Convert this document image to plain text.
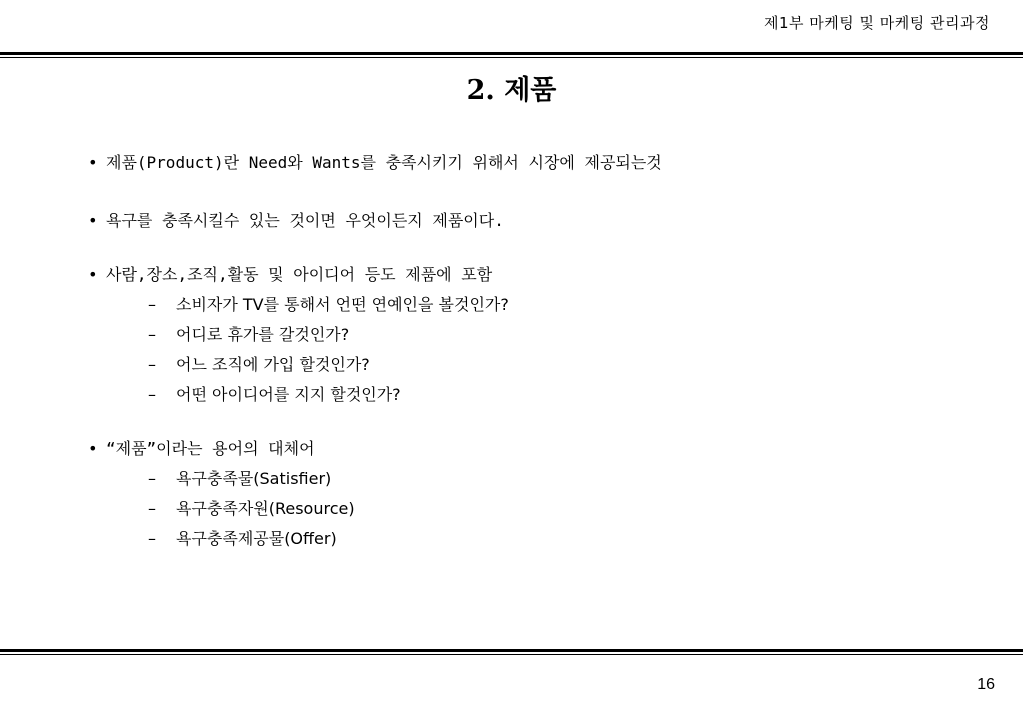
제1부 마케팅 및 마케팅 관리과정
2. 제품
• 제품(Product)란 Need와 Wants를 충족시키기 위해서 시장에 제공되는것
• 욕구를 충족시킬수 있는 것이면 우엇이든지 제품이다.
• 사람,장소,조직,활동 및 아이디어 등도 제품에 포함
– 소비자가 TV를 통해서 언떤 연예인을 볼것인가?
– 어디로 휴가를 갈것인가?
– 어느 조직에 가입 할것인가?
– 어떤 아이디어를 지지 할것인가?
• “제품”이라는 용어의 대체어
– 욕구충족물(Satisfier)
– 욕구충족자원(Resource)
– 욕구충족제공물(Offer)
16
